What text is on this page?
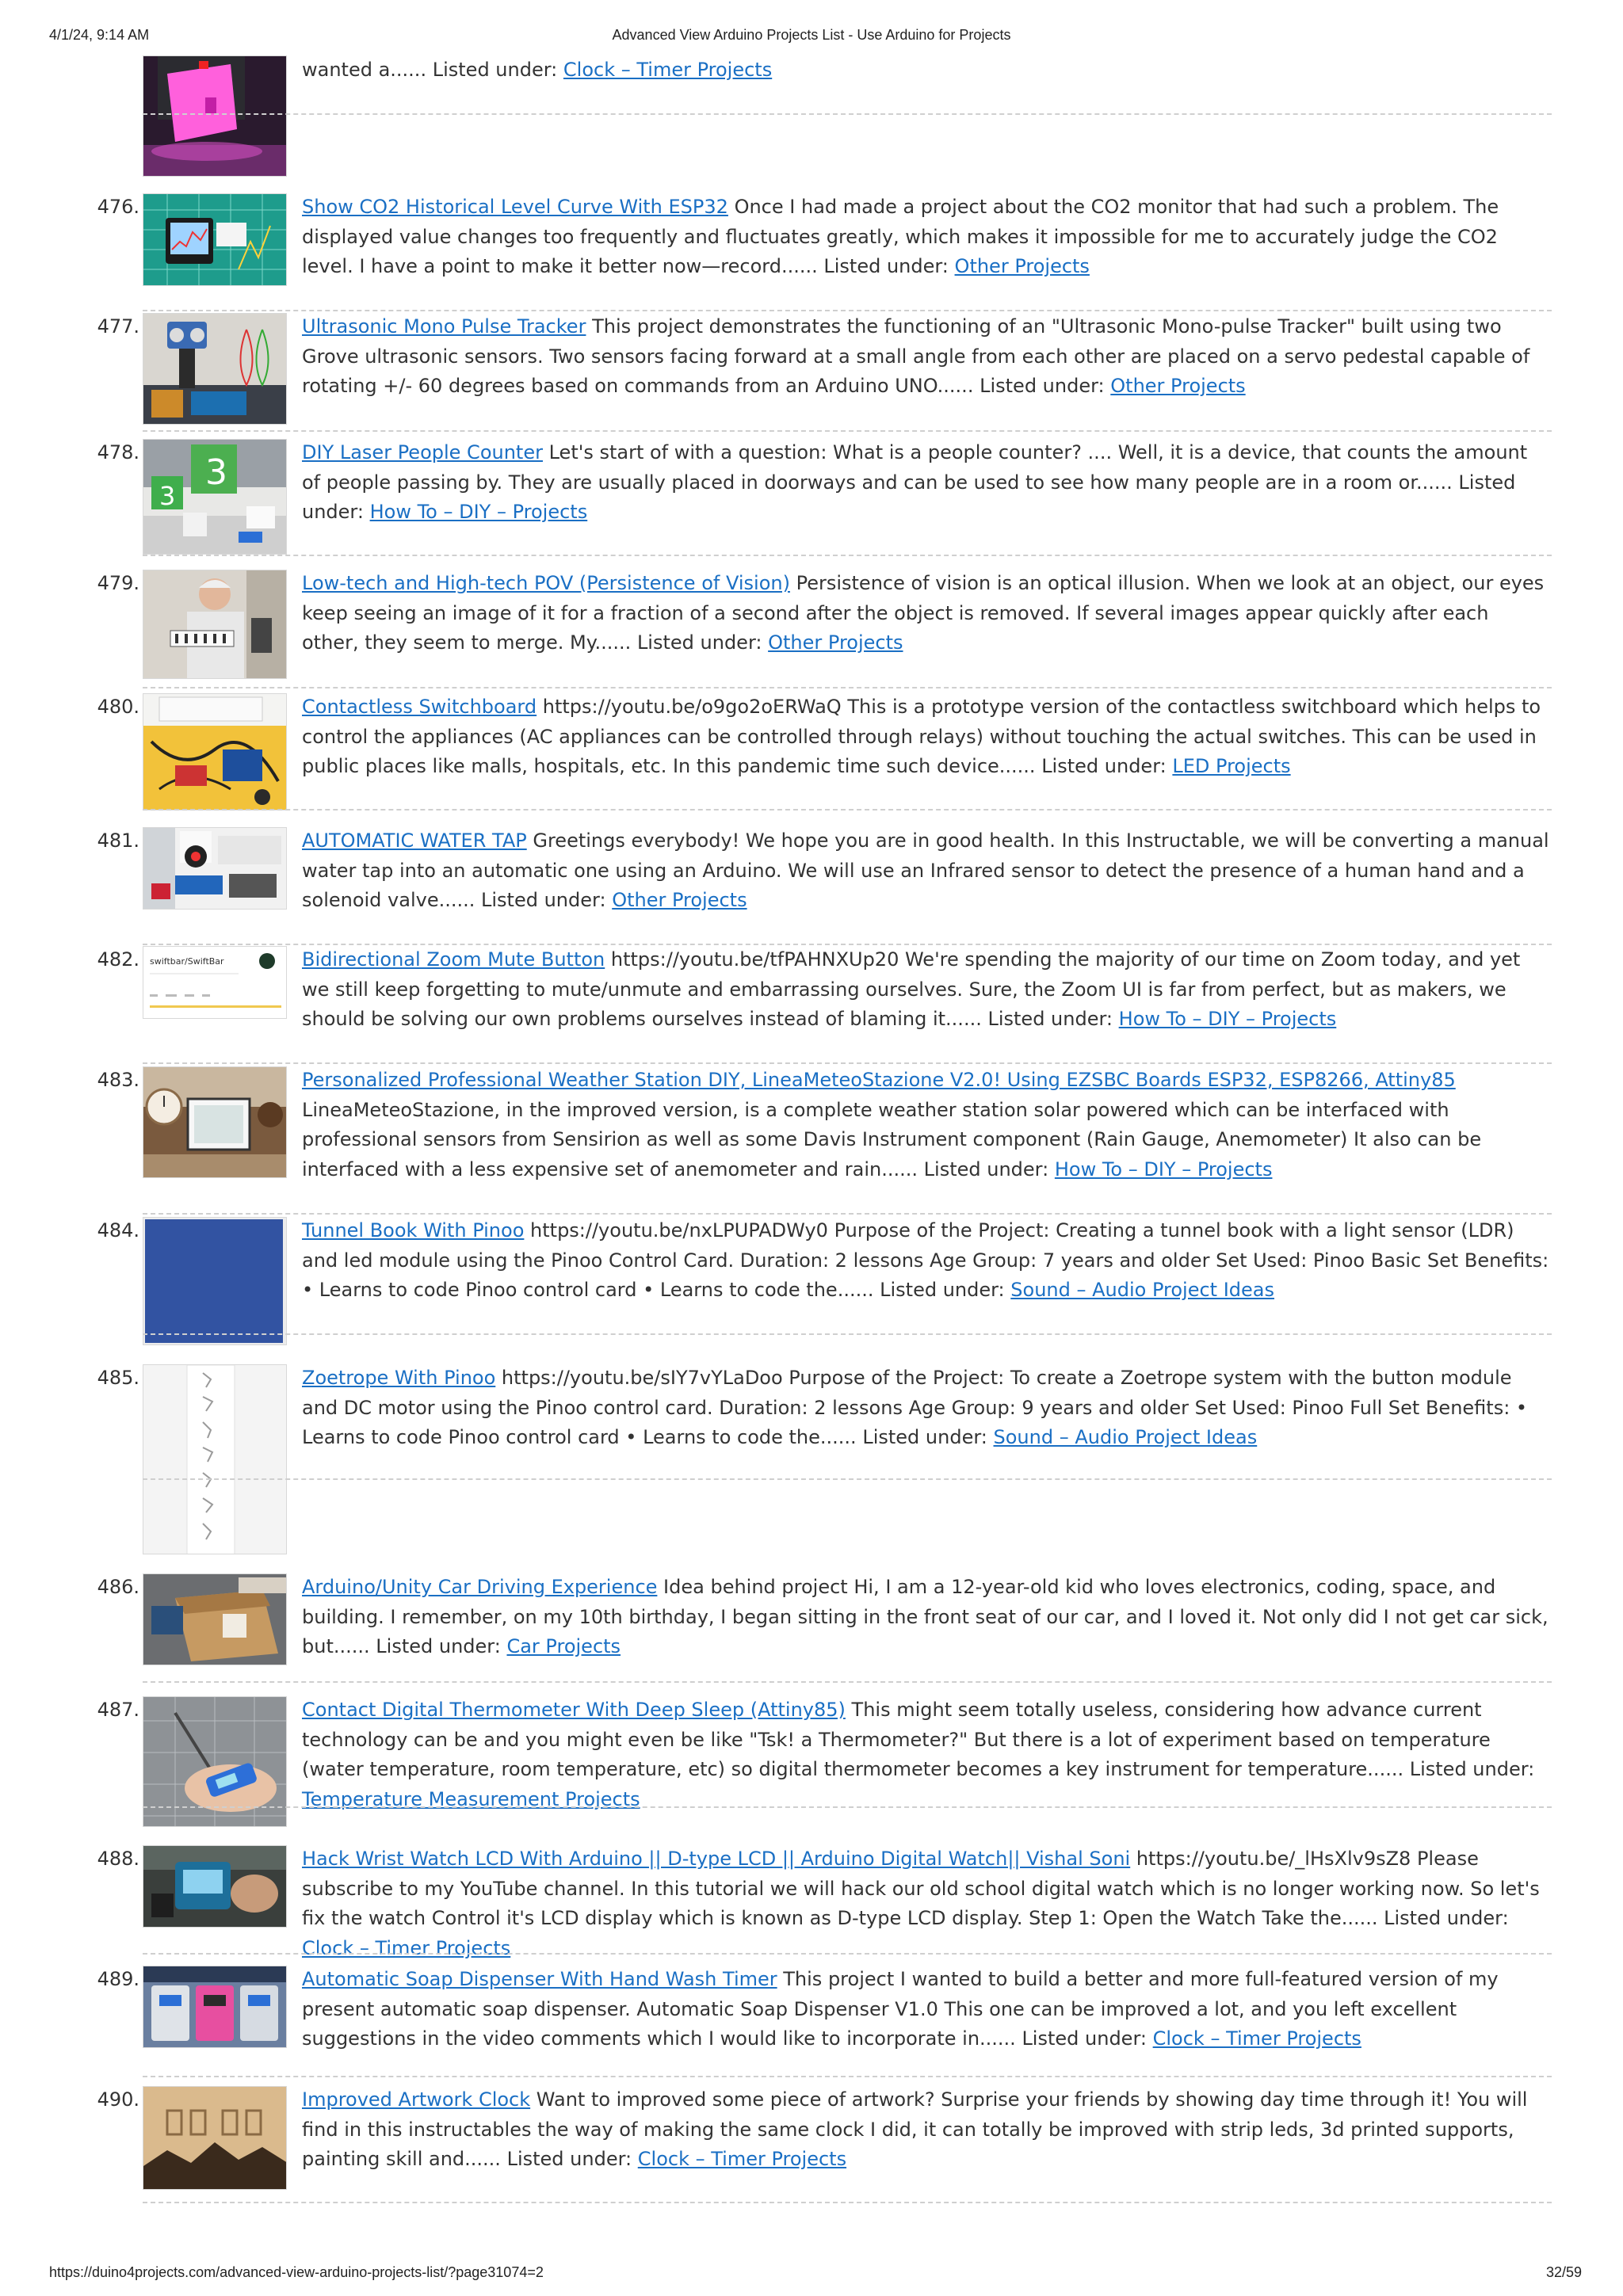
4/1/24, 9:14 AM	Advanced View Arduino Projects List - Use Arduino for Projects
wanted a...... Listed under: Clock – Timer Projects
476.	Show CO2 Historical Level Curve With ESP32 Once I had made a project about the CO2 monitor that had such a problem. The displayed value changes too frequently and fluctuates greatly, which makes it impossible for me to accurately judge the CO2 level. I have a point to make it better now—record...... Listed under: Other Projects
477.	Ultrasonic Mono Pulse Tracker This project demonstrates the functioning of an "Ultrasonic Mono-pulse Tracker" built using two Grove ultrasonic sensors. Two sensors facing forward at a small angle from each other are placed on a servo pedestal capable of rotating +/- 60 degrees based on commands from an Arduino UNO...... Listed under: Other Projects
478. 3
3
DIY Laser People Counter Let's start of with a question: What is a people counter? .... Well, it is a device, that counts the amount of people passing by. They are usually placed in doorways and can be used to see how many people are in a room or...... Listed under: How To – DIY – Projects
479.	Low-tech and High-tech POV (Persistence of Vision) Persistence of vision is an optical illusion. When we look at an object, our eyes keep seeing an image of it for a fraction of a second after the object is removed. If several images appear quickly after each other, they seem to merge. My...... Listed under: Other Projects
480.	Contactless Switchboard https://youtu.be/o9go2oERWaQ This is a prototype version of the contactless switchboard which helps to control the appliances (AC appliances can be controlled through relays) without touching the actual switches. This can be used in public places like malls, hospitals, etc. In this pandemic time such device...... Listed under: LED Projects
481.	AUTOMATIC WATER TAP Greetings everybody! We hope you are in good health. In this Instructable, we will be converting a manual water tap into an automatic one using an Arduino. We will use an Infrared sensor to detect the presence of a human hand and a solenoid valve...... Listed under: Other Projects
482. swiftbar/SwiftBar	Bidirectional Zoom Mute Button https://youtu.be/tfPAHNXUp20 We're spending the majority of our time on Zoom today, and yet we still keep forgetting to mute/unmute and embarrassing ourselves. Sure, the Zoom UI is far from perfect, but as makers, we should be solving our own problems ourselves instead of blaming it...... Listed under: How To – DIY – Projects
483.	Personalized Professional Weather Station DIY, LineaMeteoStazione V2.0! Using EZSBC Boards ESP32, ESP8266, Attiny85 LineaMeteoStazione, in the improved version, is a complete weather station solar powered which can be interfaced with professional sensors from Sensirion as well as some Davis Instrument component (Rain Gauge, Anemometer) It also can be interfaced with a less expensive set of anemometer and rain...... Listed under: How To – DIY – Projects
484.	Tunnel Book With Pinoo https://youtu.be/nxLPUPADWy0 Purpose of the Project: Creating a tunnel book with a light sensor (LDR) and led module using the Pinoo Control Card. Duration: 2 lessons Age Group: 7 years and older Set Used: Pinoo Basic Set Benefits: • Learns to code Pinoo control card • Learns to code the...... Listed under: Sound – Audio Project Ideas
485.	Zoetrope With Pinoo https://youtu.be/sIY7vYLaDoo Purpose of the Project: To create a Zoetrope system with the button module and DC motor using the Pinoo control card. Duration: 2 lessons Age Group: 9 years and older Set Used: Pinoo Full Set Benefits: • Learns to code Pinoo control card • Learns to code the...... Listed under: Sound – Audio Project Ideas
486.	Arduino/Unity Car Driving Experience Idea behind project Hi, I am a 12-year-old kid who loves electronics, coding, space, and building. I remember, on my 10th birthday, I began sitting in the front seat of our car, and I loved it. Not only did I not get car sick, but...... Listed under: Car Projects
487.	Contact Digital Thermometer With Deep Sleep (Attiny85) This might seem totally useless, considering how advance current technology can be and you might even be like "Tsk! a Thermometer?" But there is a lot of experiment based on temperature (water temperature, room temperature, etc) so digital thermometer becomes a key instrument for temperature...... Listed under: Temperature Measurement Projects
488.	Hack Wrist Watch LCD With Arduino || D-type LCD || Arduino Digital Watch|| Vishal Soni https://youtu.be/_lHsXlv9sZ8 Please subscribe to my YouTube channel. In this tutorial we will hack our old school digital watch which is no longer working now. So let's fix the watch Control it's LCD display which is known as D-type LCD display. Step 1: Open the Watch Take the...... Listed under: Clock – Timer Projects
489.	Automatic Soap Dispenser With Hand Wash Timer This project I wanted to build a better and more full-featured version of my present automatic soap dispenser. Automatic Soap Dispenser V1.0 This one can be improved a lot, and you left excellent suggestions in the video comments which I would like to incorporate in...... Listed under: Clock – Timer Projects
490.	Improved Artwork Clock Want to improved some piece of artwork? Surprise your friends by showing day time through it! You will find in this instructables the way of making the same clock I did, it can totally be improved with strip leds, 3d printed supports, painting skill and...... Listed under: Clock – Timer Projects
https://duino4projects.com/advanced-view-arduino-projects-list/?page31074=2	32/59
